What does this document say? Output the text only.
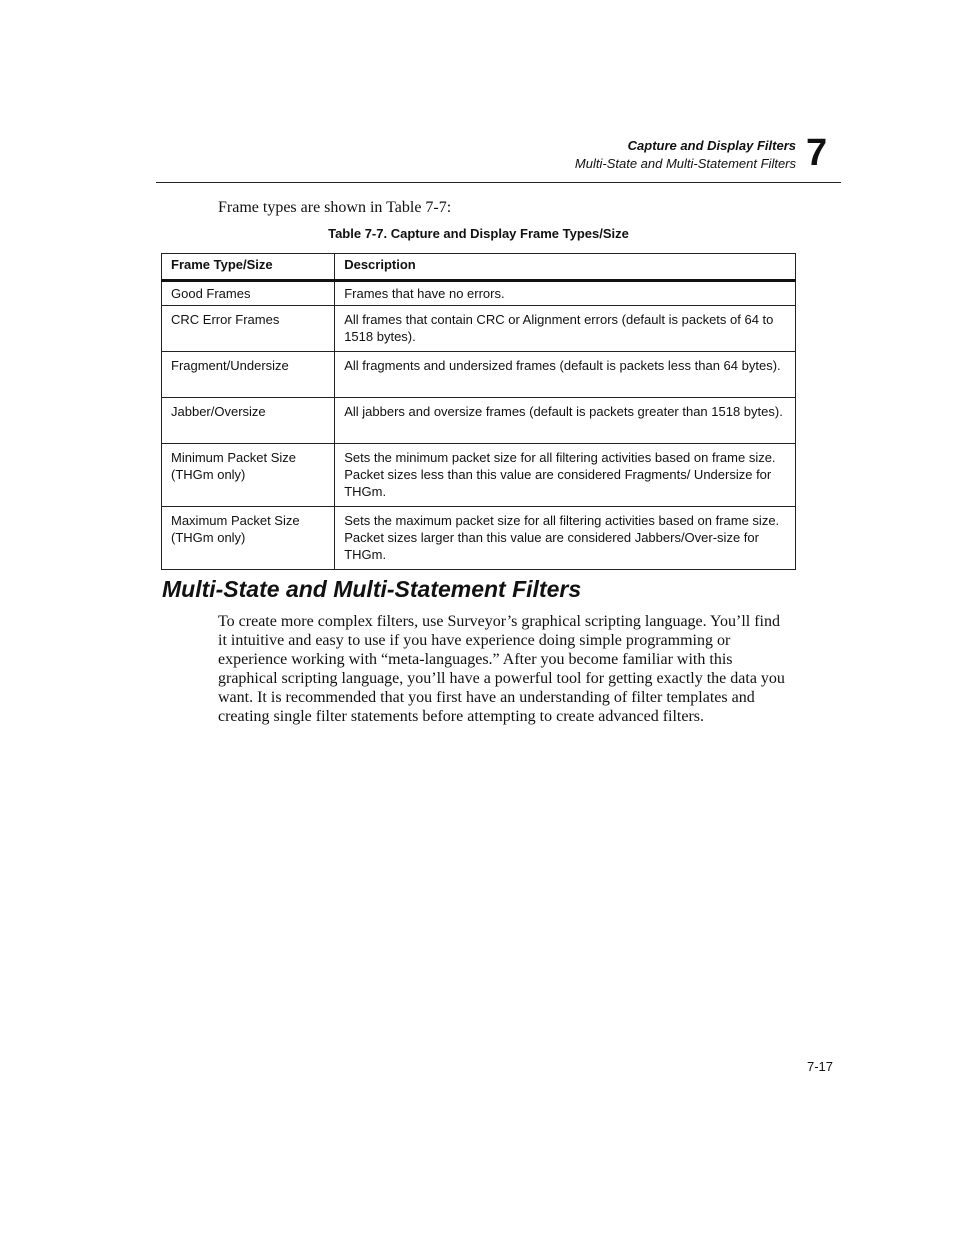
Capture and Display Filters
Multi-State and Multi-Statement Filters 7
Frame types are shown in Table 7-7:
Table 7-7. Capture and Display Frame Types/Size
Frame Type/Size	Description
Good Frames	Frames that have no errors.
CRC Error Frames	All frames that contain CRC or Alignment errors (default is packets of 64 to 1518 bytes).
Fragment/Undersize	All fragments and undersized frames (default is packets less than 64 bytes).
Jabber/Oversize	All jabbers and oversize frames (default is packets greater than 1518 bytes).
Minimum Packet Size (THGm only)	Sets the minimum packet size for all filtering activities based on frame size. Packet sizes less than this value are considered Fragments/ Undersize for THGm.
Maximum Packet Size (THGm only)	Sets the maximum packet size for all filtering activities based on frame size. Packet sizes larger than this value are considered Jabbers/Over-size for THGm.
Multi-State and Multi-Statement Filters

To create more complex filters, use Surveyor’s graphical scripting language. You’ll find it intuitive and easy to use if you have experience doing simple programming or experience working with “meta-languages.” After you become familiar with this graphical scripting language, you’ll have a powerful tool for getting exactly the data you want. It is recommended that you first have an understanding of filter templates and creating single filter statements before attempting to create advanced filters.

7-17
